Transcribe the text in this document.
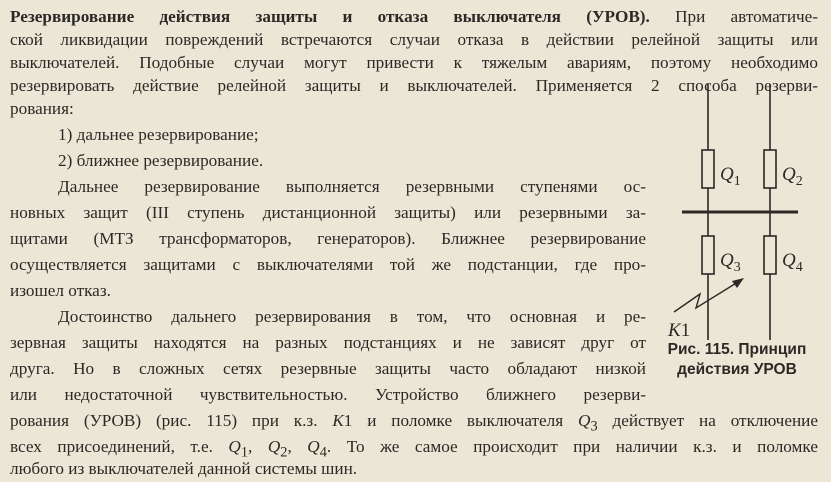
Резервирование действия защиты и отказа выключателя (УРОВ). При автоматиче-
ской ликвидации повреждений встречаются случаи отказа в действии релейной защиты или
выключателей. Подобные случаи могут привести к тяжелым авариям, поэтому необходимо
резервировать действие релейной защиты и выключателей. Применяется 2 способа резерви-
рования:
1) дальнее резервирование;
2) ближнее резервирование.
Дальнее резервирование выполняется резервными ступенями ос-
новных защит (III ступень дистанционной защиты) или резервными за-
щитами (МТЗ трансформаторов, генераторов). Ближнее резервирование
осуществляется защитами с выключателями той же подстанции, где про-
изошел отказ.
Достоинство дальнего резервирования в том, что основная и ре-
зервная защиты находятся на разных подстанциях и не зависят друг от
друга. Но в сложных сетях резервные защиты часто обладают низкой
или недостаточной чувствительностью. Устройство ближнего резерви-
рования (УРОВ) (рис. 115) при к.з. K1 и поломке выключателя $Q_3$ действует на отключение
всех присоединений, т.е. $Q_1$, $Q_2$, $Q_4$. То же самое происходит при наличии к.з. и поломке
любого из выключателей данной системы шин.
$Q_1$ $Q_2$
$Q_3$ $Q_4$
K1
Рис. 115. Принцип
действия УРОВ
